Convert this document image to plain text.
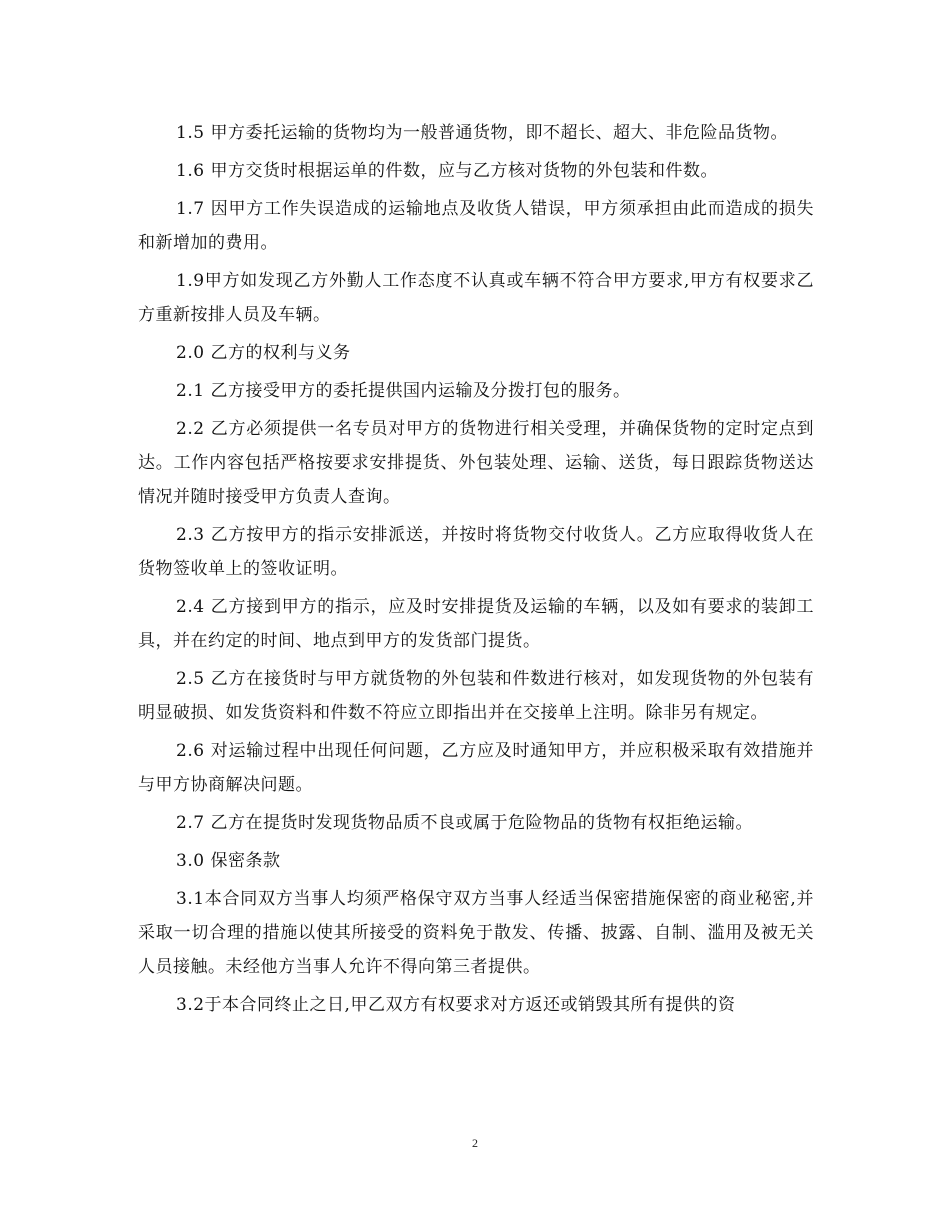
1.5 甲方委托运输的货物均为一般普通货物，即不超长、超大、非危险品货物。

1.6 甲方交货时根据运单的件数，应与乙方核对货物的外包装和件数。

1.7 因甲方工作失误造成的运输地点及收货人错误，甲方须承担由此而造成的损失和新增加的费用。

1.9甲方如发现乙方外勤人工作态度不认真或车辆不符合甲方要求,甲方有权要求乙方重新按排人员及车辆。

2.0 乙方的权利与义务

2.1 乙方接受甲方的委托提供国内运输及分拨打包的服务。

2.2 乙方必须提供一名专员对甲方的货物进行相关受理，并确保货物的定时定点到达。工作内容包括严格按要求安排提货、外包装处理、运输、送货，每日跟踪货物送达情况并随时接受甲方负责人查询。

2.3 乙方按甲方的指示安排派送，并按时将货物交付收货人。乙方应取得收货人在货物签收单上的签收证明。

2.4 乙方接到甲方的指示，应及时安排提货及运输的车辆，以及如有要求的装卸工具，并在约定的时间、地点到甲方的发货部门提货。

2.5 乙方在接货时与甲方就货物的外包装和件数进行核对，如发现货物的外包装有明显破损、如发货资料和件数不符应立即指出并在交接单上注明。除非另有规定。

2.6 对运输过程中出现任何问题，乙方应及时通知甲方，并应积极采取有效措施并与甲方协商解决问题。

2.7 乙方在提货时发现货物品质不良或属于危险物品的货物有权拒绝运输。

3.0 保密条款

3.1本合同双方当事人均须严格保守双方当事人经适当保密措施保密的商业秘密,并采取一切合理的措施以使其所接受的资料免于散发、传播、披露、自制、滥用及被无关人员接触。未经他方当事人允许不得向第三者提供。

3.2于本合同终止之日,甲乙双方有权要求对方返还或销毁其所有提供的资

2
